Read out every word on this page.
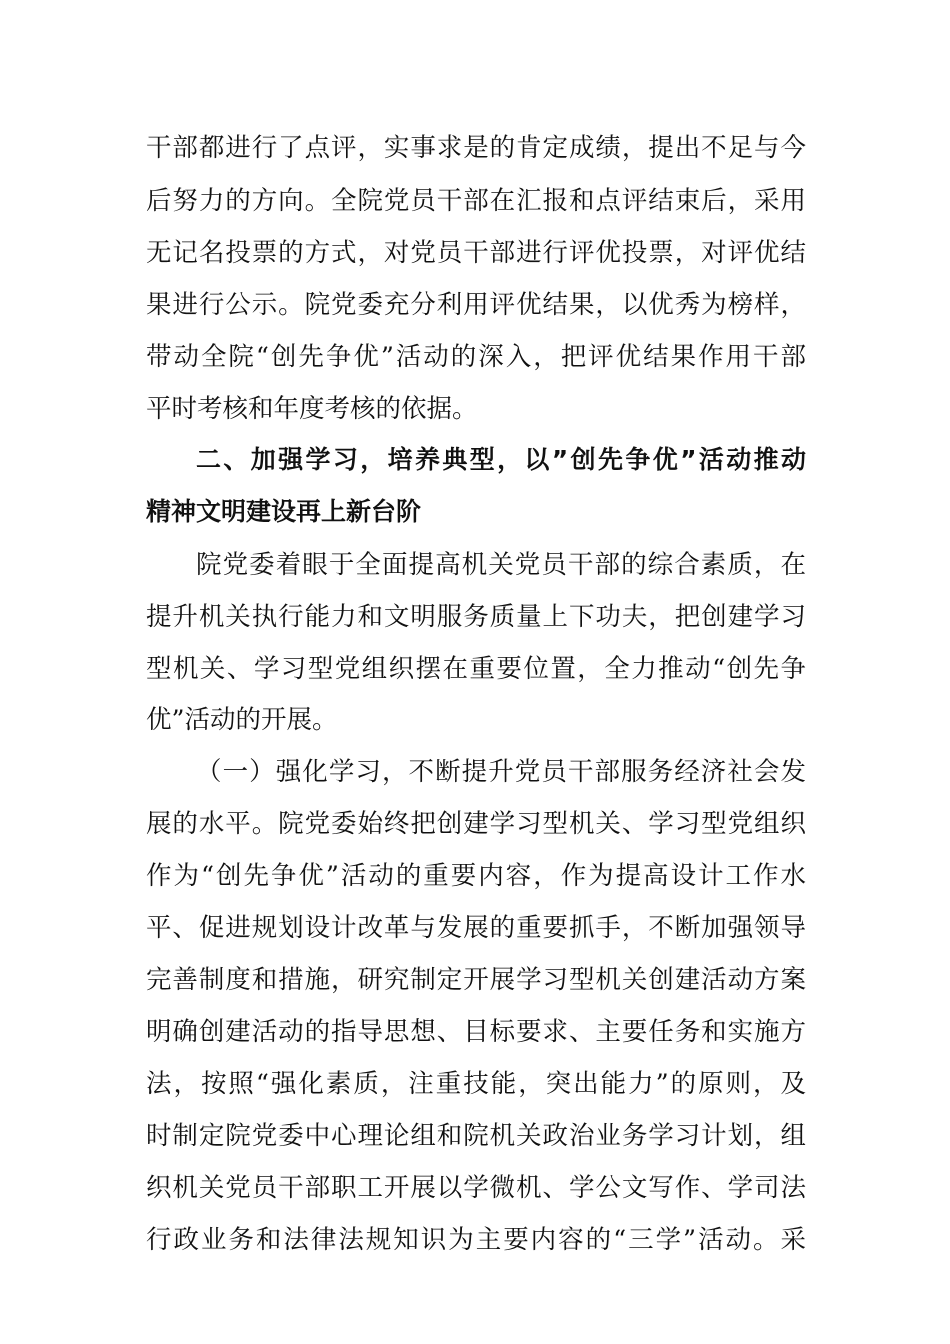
干部都进行了点评，实事求是的肯定成绩，提出不足与今
后努力的方向。全院党员干部在汇报和点评结束后，采用
无记名投票的方式，对党员干部进行评优投票，对评优结
果进行公示。院党委充分利用评优结果，以优秀为榜样，
带动全院“创先争优”活动的深入，把评优结果作用干部
平时考核和年度考核的依据。
二、加强学习，培养典型，以”创先争优”活动推动
精神文明建设再上新台阶
院党委着眼于全面提高机关党员干部的综合素质，在
提升机关执行能力和文明服务质量上下功夫，把创建学习
型机关、学习型党组织摆在重要位置，全力推动“创先争
优”活动的开展。
（一）强化学习，不断提升党员干部服务经济社会发
展的水平。院党委始终把创建学习型机关、学习型党组织
作为“创先争优”活动的重要内容，作为提高设计工作水
平、促进规划设计改革与发展的重要抓手，不断加强领导
完善制度和措施，研究制定开展学习型机关创建活动方案
明确创建活动的指导思想、目标要求、主要任务和实施方
法，按照“强化素质，注重技能，突出能力”的原则，及
时制定院党委中心理论组和院机关政治业务学习计划，组
织机关党员干部职工开展以学微机、学公文写作、学司法
行政业务和法律法规知识为主要内容的“三学”活动。采
